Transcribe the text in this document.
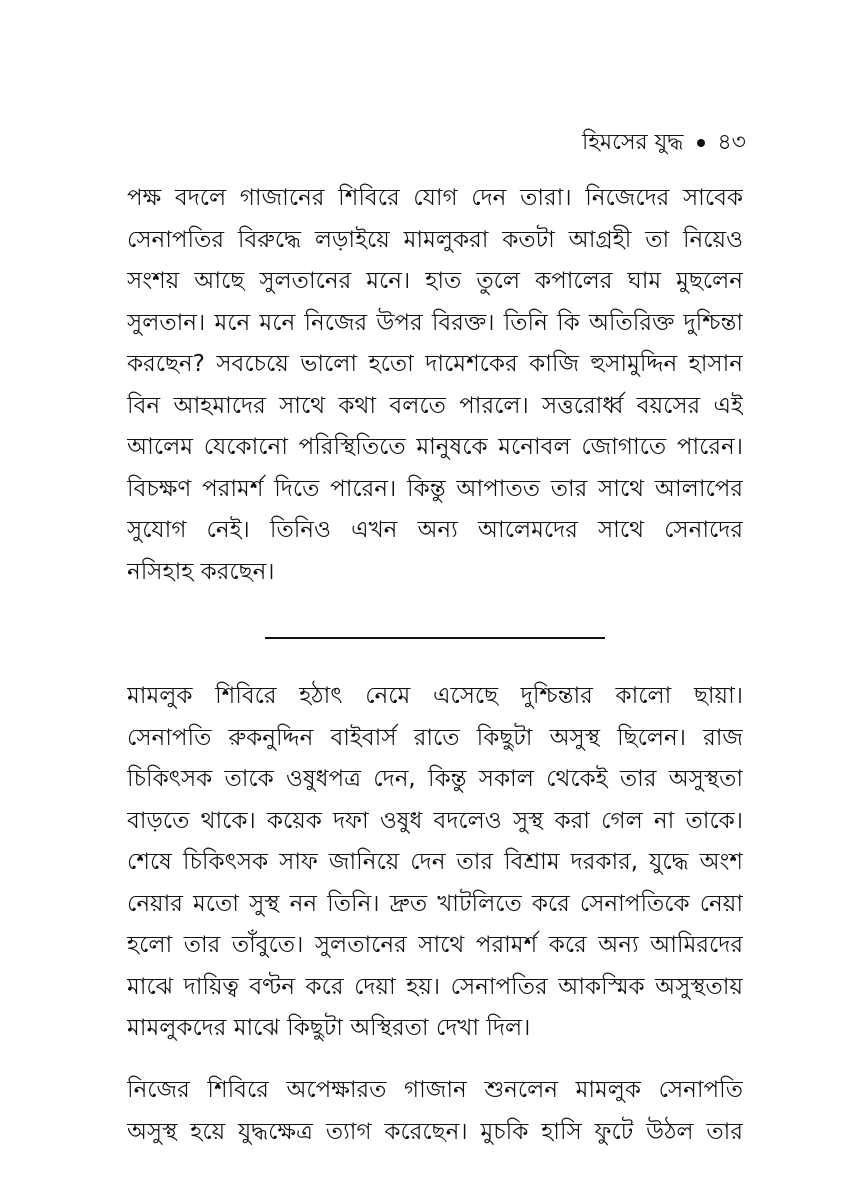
হিমসের যুদ্ধ ৪৩

পক্ষ বদলে গাজানের শিবিরে যোগ দেন তারা। নিজেদের সাবেক
সেনাপতির বিরুদ্ধে লড়াইয়ে মামলুকরা কতটা আগ্রহী তা নিয়েও
সংশয় আছে সুলতানের মনে। হাত তুলে কপালের ঘাম মুছলেন
সুলতান। মনে মনে নিজের উপর বিরক্ত। তিনি কি অতিরিক্ত দুশ্চিন্তা
করছেন? সবচেয়ে ভালো হতো দামেশকের কাজি হুসামুদ্দিন হাসান
বিন আহমাদের সাথে কথা বলতে পারলে। সত্তরোর্ধ্ব বয়সের এই
আলেম যেকোনো পরিস্থিতিতে মানুষকে মনোবল জোগাতে পারেন।
বিচক্ষণ পরামর্শ দিতে পারেন। কিন্তু আপাতত তার সাথে আলাপের
সুযোগ নেই। তিনিও এখন অন্য আলেমদের সাথে সেনাদের
নসিহাহ করছেন।

মামলুক শিবিরে হঠাৎ নেমে এসেছে দুশ্চিন্তার কালো ছায়া।
সেনাপতি রুকনুদ্দিন বাইবার্স রাতে কিছুটা অসুস্থ ছিলেন। রাজ
চিকিৎসক তাকে ওষুধপত্র দেন, কিন্তু সকাল থেকেই তার অসুস্থতা
বাড়তে থাকে। কয়েক দফা ওষুধ বদলেও সুস্থ করা গেল না তাকে।
শেষে চিকিৎসক সাফ জানিয়ে দেন তার বিশ্রাম দরকার, যুদ্ধে অংশ
নেয়ার মতো সুস্থ নন তিনি। দ্রুত খাটলিতে করে সেনাপতিকে নেয়া
হলো তার তাঁবুতে। সুলতানের সাথে পরামর্শ করে অন্য আমিরদের
মাঝে দায়িত্ব বণ্টন করে দেয়া হয়। সেনাপতির আকস্মিক অসুস্থতায়
মামলুকদের মাঝে কিছুটা অস্থিরতা দেখা দিল।

নিজের শিবিরে অপেক্ষারত গাজান শুনলেন মামলুক সেনাপতি
অসুস্থ হয়ে যুদ্ধক্ষেত্র ত্যাগ করেছেন। মুচকি হাসি ফুটে উঠল তার
